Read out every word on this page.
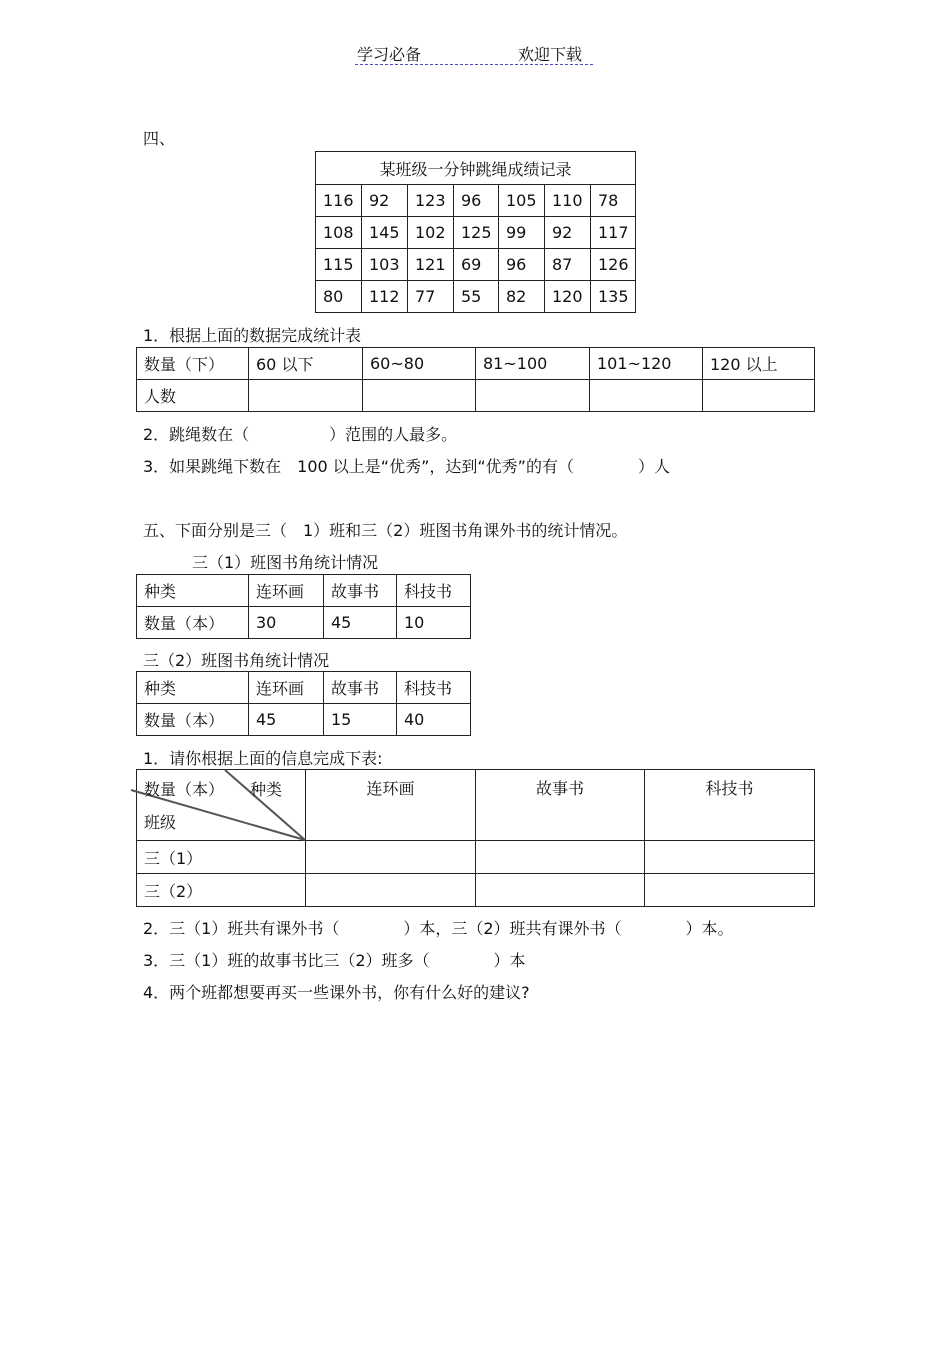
学习必备	欢迎下载
四、
某班级一分钟跳绳成绩记录						
116	92	123	96	105	110	78
108	145	102	125	99	92	117
115	103	121	69	96	87	126
80	112	77	55	82	120	135
1．根据上面的数据完成统计表
数量（下）	60 以下	60~80	81~100	101~120	120 以上
人数					
2．跳绳数在（　　　　　）范围的人最多。
3．如果跳绳下数在　100 以上是“优秀”，达到“优秀”的有（　　　　）人
五、下面分别是三（　1）班和三（2）班图书角课外书的统计情况。
三（1）班图书角统计情况
种类	连环画	故事书	科技书
数量（本）	30	45	10
三（2）班图书角统计情况
种类	连环画	故事书	科技书
数量（本）	45	15	40
1．请你根据上面的信息完成下表:
数量（本） 种类
班级	连环画	故事书	科技书
三（1）			
三（2）			
2．三（1）班共有课外书（　　　　）本，三（2）班共有课外书（　　　　）本。
3．三（1）班的故事书比三（2）班多（　　　　）本
4．两个班都想要再买一些课外书，你有什么好的建议?
